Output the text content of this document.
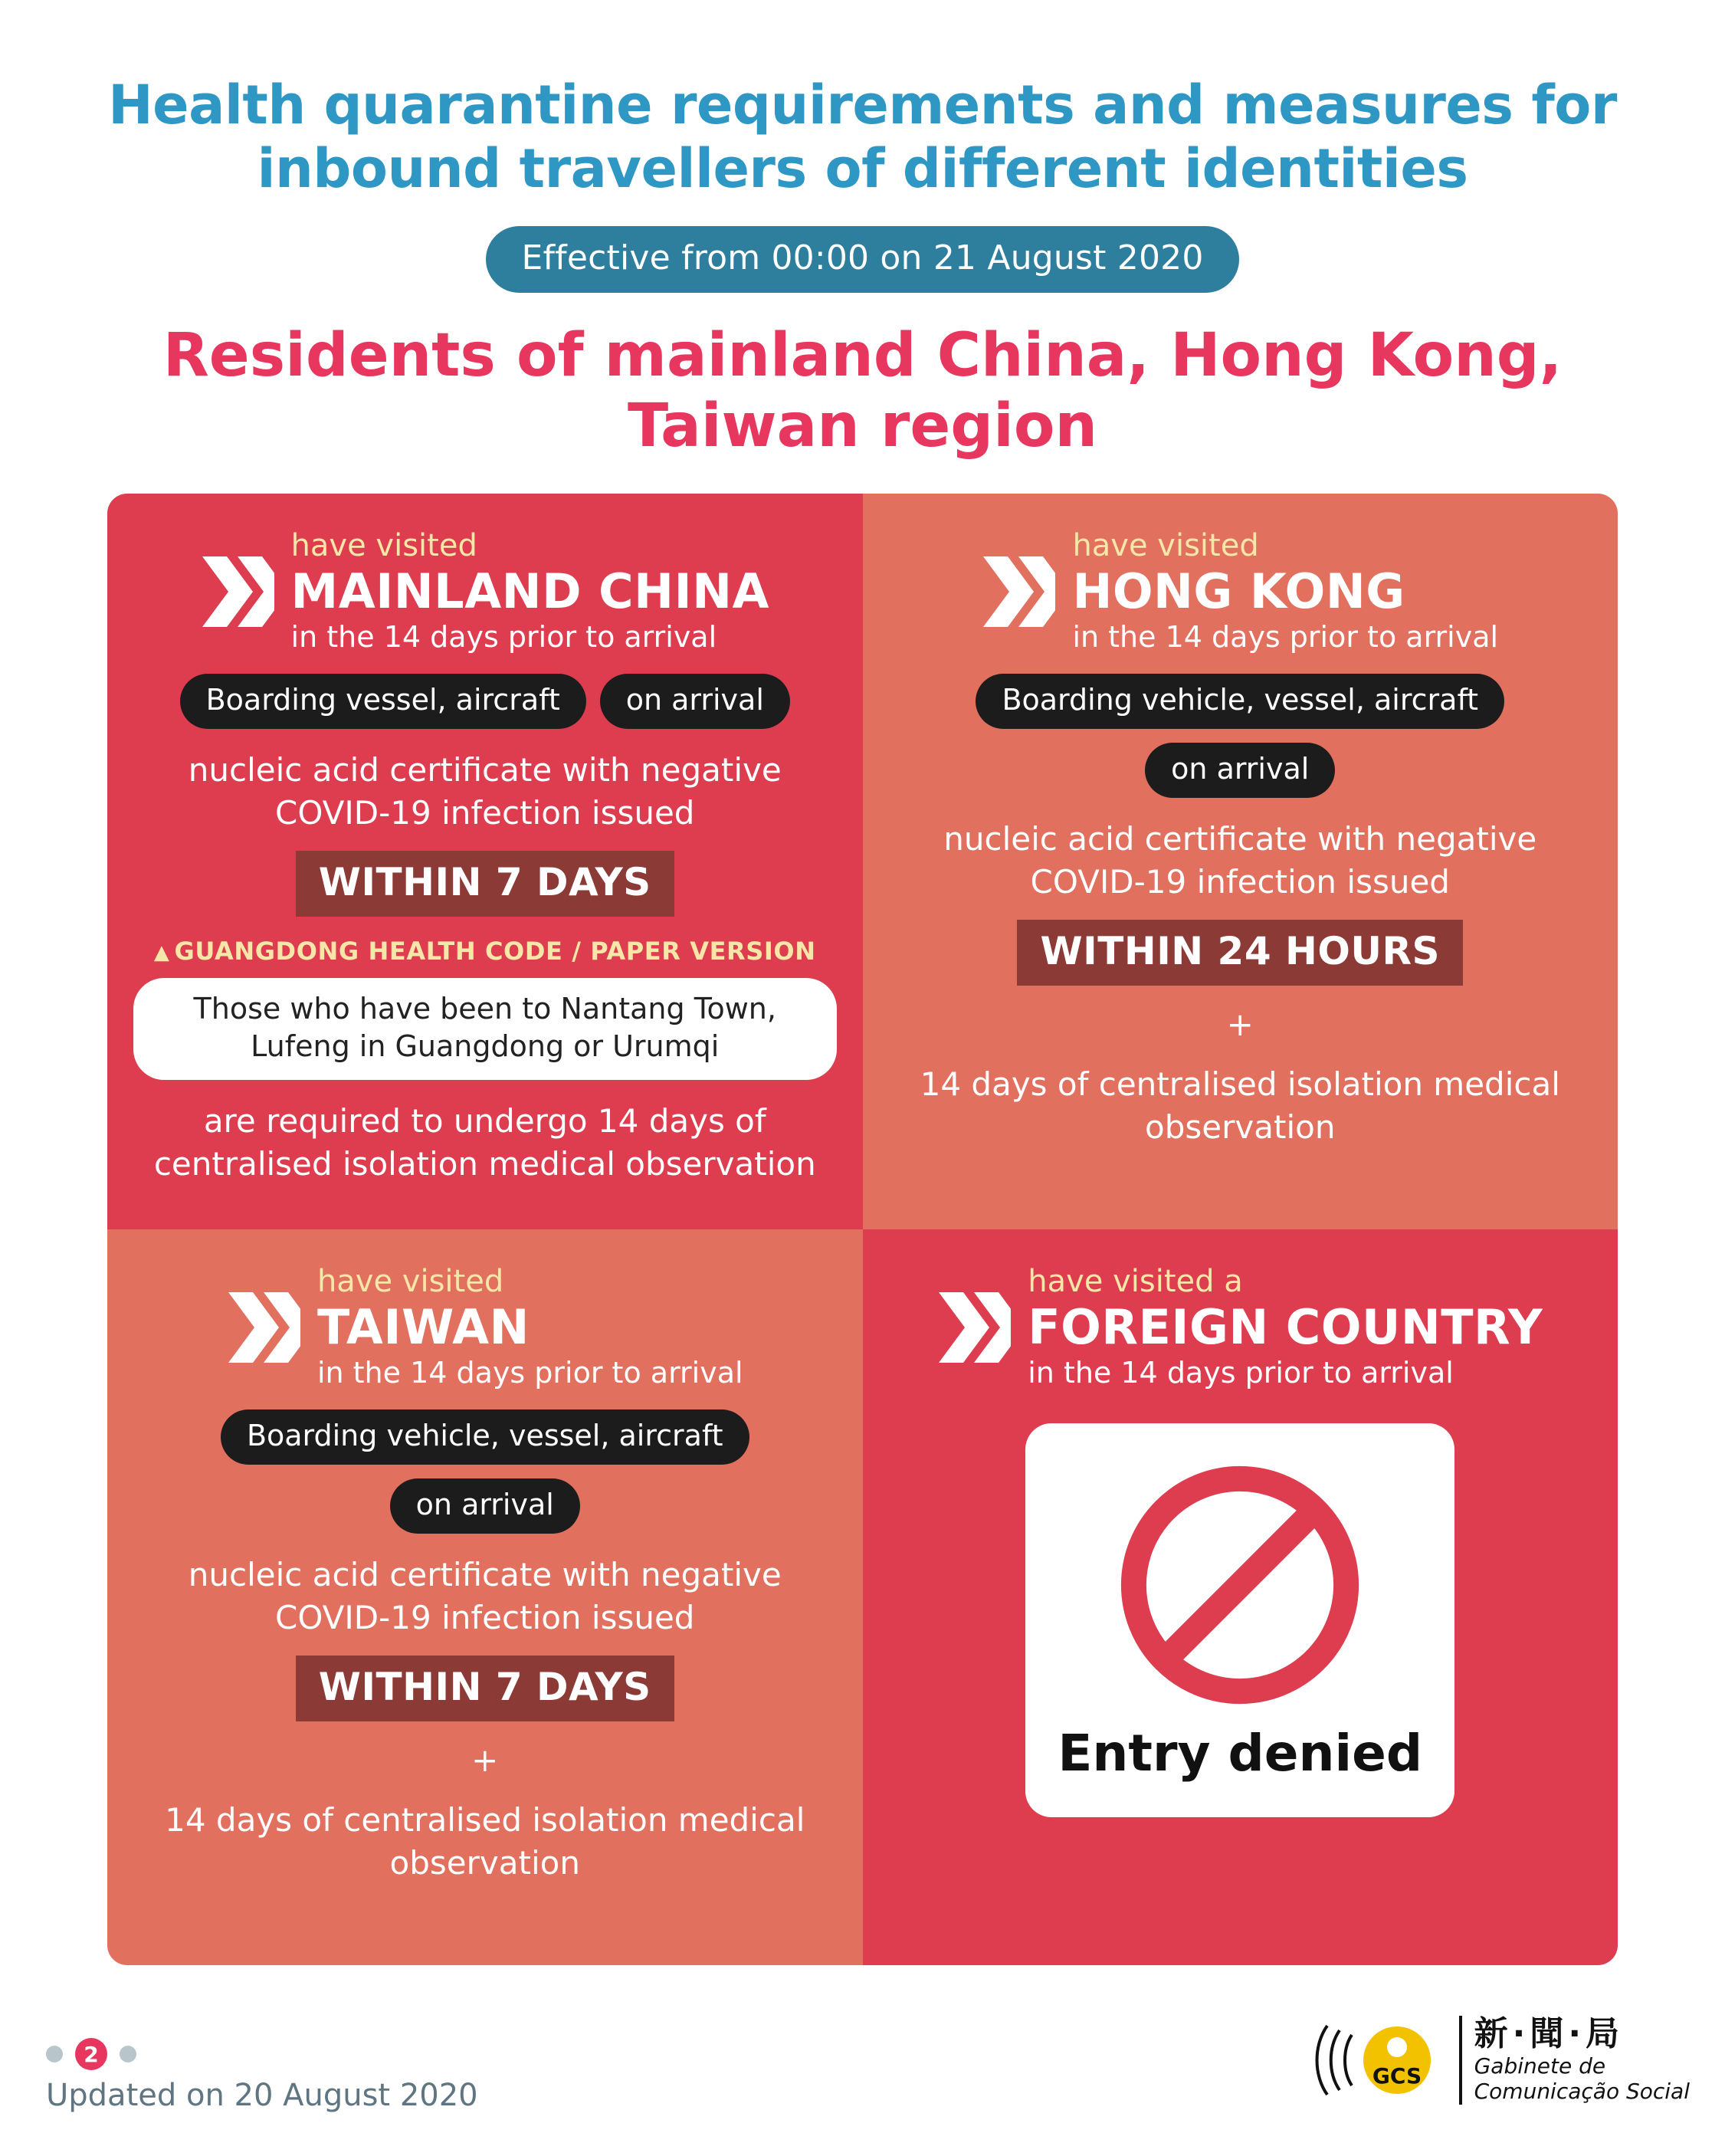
Health quarantine requirements and measures for inbound travellers of different identities
Effective from 00:00 on 21 August 2020
Residents of mainland China, Hong Kong, Taiwan region
have visited
MAINLAND CHINA
in the 14 days prior to arrival
Boarding vessel, aircraft	on arrival
nucleic acid certificate with negative COVID-19 infection issued
WITHIN 7 DAYS
▲ GUANGDONG HEALTH CODE / PAPER VERSION
Those who have been to Nantang Town, Lufeng in Guangdong or Urumqi
are required to undergo 14 days of centralised isolation medical observation
have visited
HONG KONG
in the 14 days prior to arrival
Boarding vehicle, vessel, aircraft
on arrival
nucleic acid certificate with negative COVID-19 infection issued
WITHIN 24 HOURS
+
14 days of centralised isolation medical observation
have visited
TAIWAN
in the 14 days prior to arrival
Boarding vehicle, vessel, aircraft
on arrival
nucleic acid certificate with negative COVID-19 infection issued
WITHIN 7 DAYS
+
14 days of centralised isolation medical observation
have visited a
FOREIGN COUNTRY
in the 14 days prior to arrival
Entry denied
2
Updated on 20 August 2020
GCS
新·聞·局
Gabinete de
Comunicação Social
